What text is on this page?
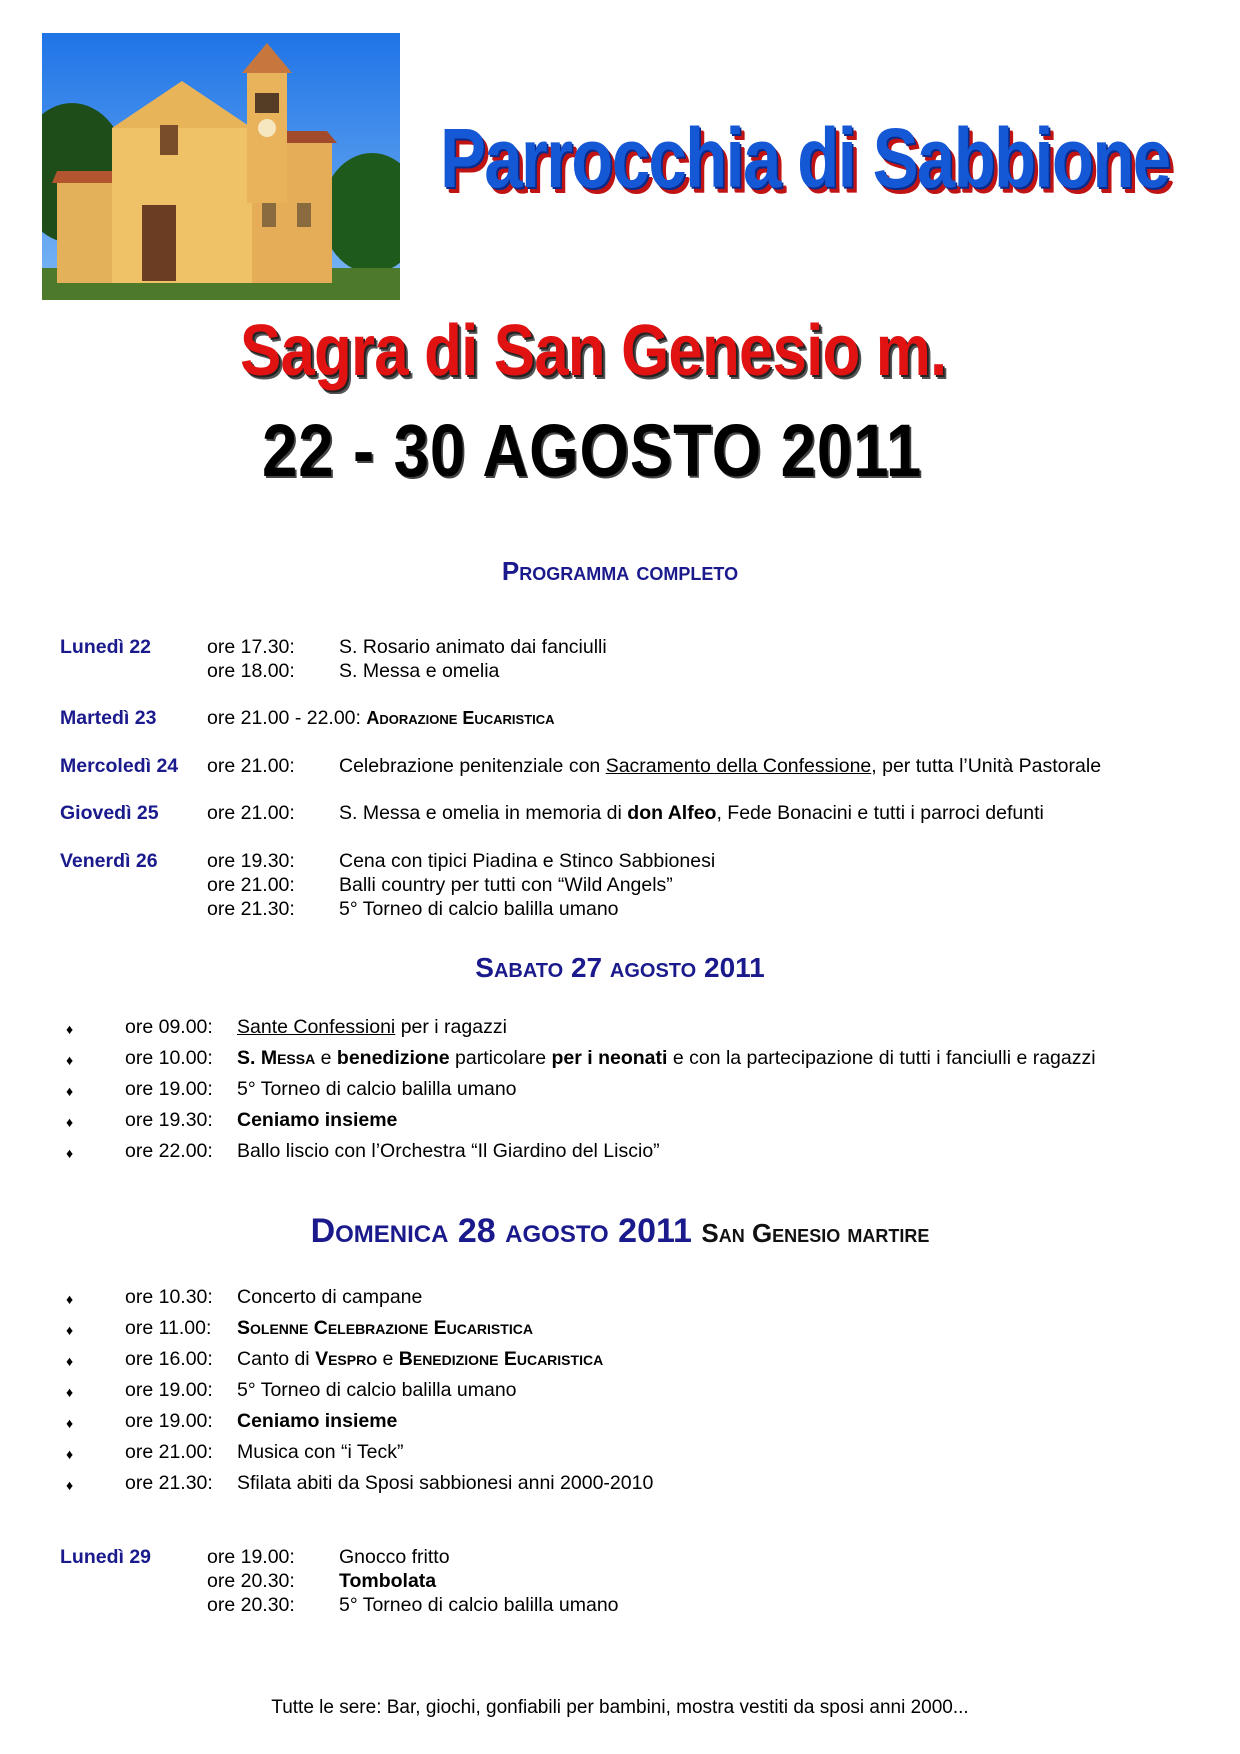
Parrocchia di Sabbione
Sagra di San Genesio m.
22 - 30 AGOSTO 2011
Programma completo
Lunedì 22	ore 17.30: S. Rosario animato dai fanciulli
ore 18.00: S. Messa e omelia
Martedì 23	ore 21.00 - 22.00: Adorazione Eucaristica
Mercoledì 24 ore 21.00: Celebrazione penitenziale con Sacramento della Confessione, per tutta l’Unità Pastorale
Giovedì 25 ore 21.00: S. Messa e omelia in memoria di don Alfeo, Fede Bonacini e tutti i parroci defunti
Venerdì 26	ore 19.30: Cena con tipici Piadina e Stinco Sabbionesi
ore 21.00: Balli country per tutti con “Wild Angels”
ore 21.30: 5° Torneo di calcio balilla umano
Sabato 27 agosto 2011
♦	ore 09.00: Sante Confessioni per i ragazzi
♦	ore 10.00: S. Messa e benedizione particolare per i neonati e con la partecipazione di tutti i fanciulli e ragazzi
♦	ore 19.00: 5° Torneo di calcio balilla umano
♦	ore 19.30: Ceniamo insieme
♦	ore 22.00: Ballo liscio con l’Orchestra “Il Giardino del Liscio”
Domenica 28 agosto 2011 San Genesio martire
♦	ore 10.30: Concerto di campane
♦	ore 11.00: Solenne Celebrazione Eucaristica
♦	ore 16.00: Canto di Vespro e Benedizione Eucaristica
♦	ore 19.00: 5° Torneo di calcio balilla umano
♦	ore 19.00: Ceniamo insieme
♦	ore 21.00: Musica con “i Teck”
♦	ore 21.30: Sfilata abiti da Sposi sabbionesi anni 2000-2010
Lunedì 29	ore 19.00: Gnocco fritto
ore 20.30: Tombolata
ore 20.30: 5° Torneo di calcio balilla umano
Tutte le sere: Bar, giochi, gonfiabili per bambini, mostra vestiti da sposi anni 2000...
